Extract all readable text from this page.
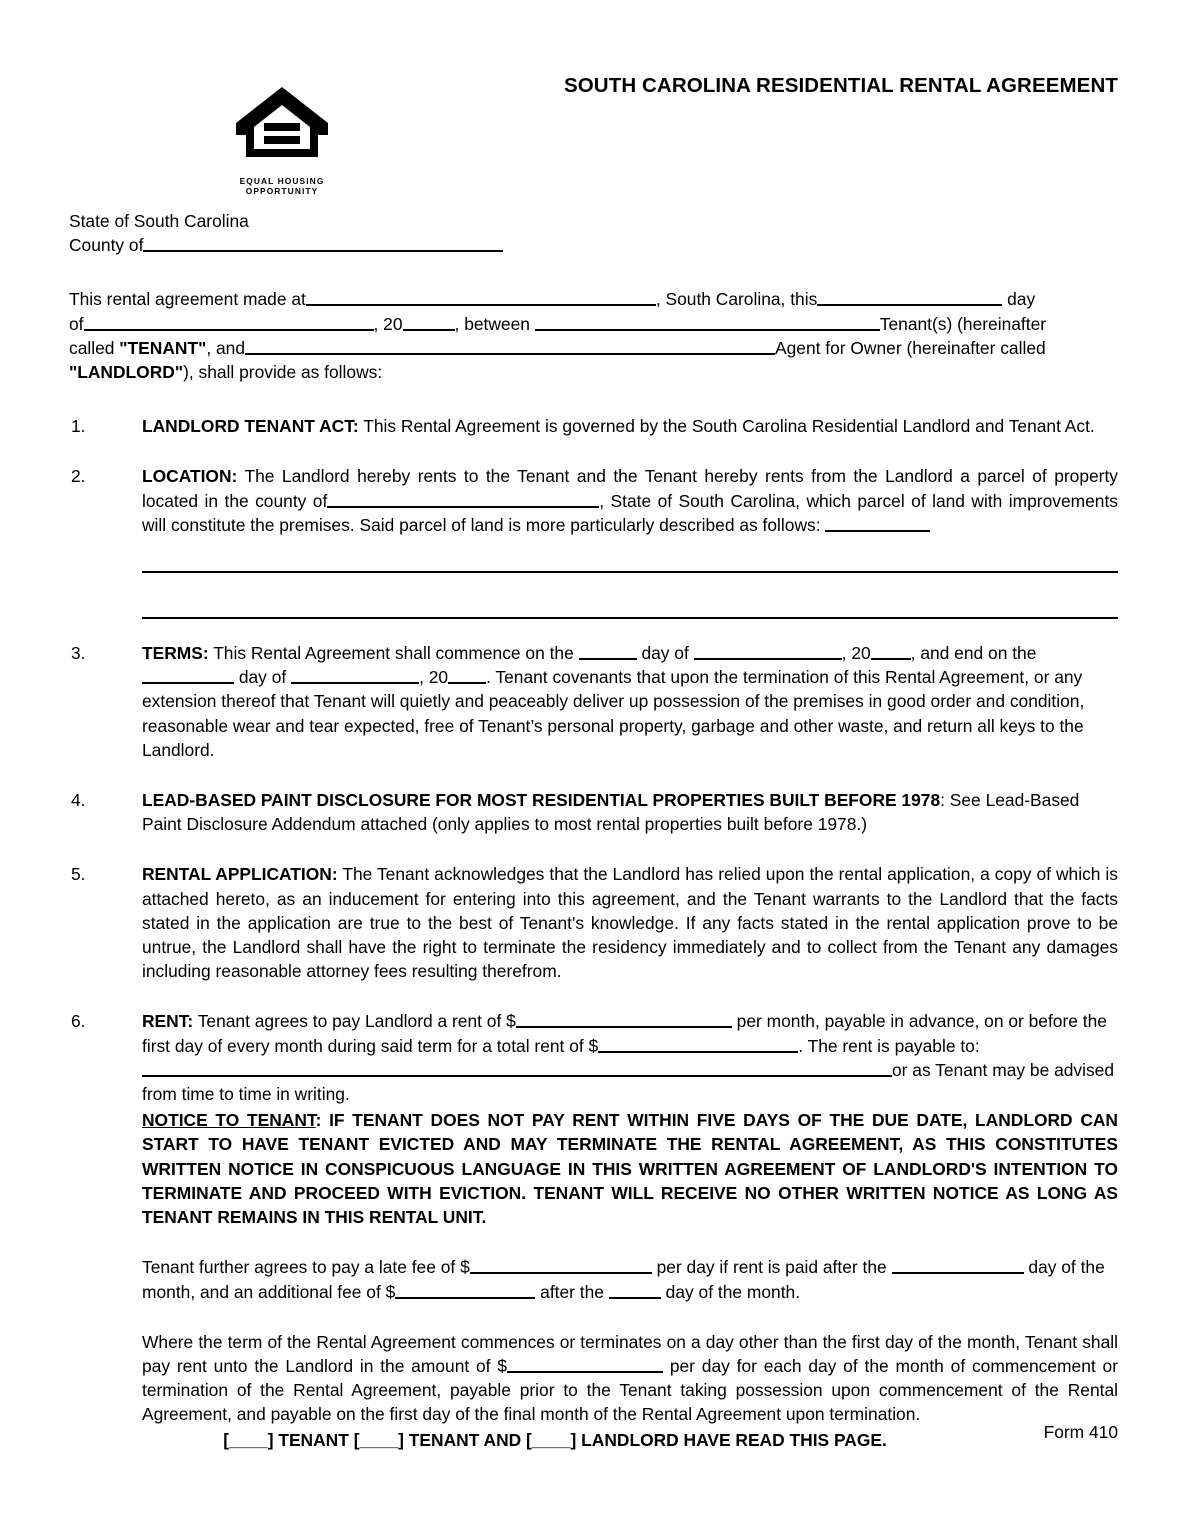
EQUAL HOUSING
OPPORTUNITY
SOUTH CAROLINA RESIDENTIAL RENTAL AGREEMENT
State of South Carolina
County of
This rental agreement made at	, South Carolina, this	day
of	, 20	, between	Tenant(s) (hereinafter
called "TENANT", and	Agent for Owner (hereinafter called
"LANDLORD"), shall provide as follows:
1.	LANDLORD TENANT ACT: This Rental Agreement is governed by the South Carolina Residential Landlord and Tenant Act.
2.	LOCATION: The Landlord hereby rents to the Tenant and the Tenant hereby rents from the Landlord a parcel of property located in the county of	, State of South Carolina, which parcel of land with improvements will constitute the premises. Said parcel of land is more particularly described as follows:
3.	TERMS: This Rental Agreement shall commence on the	day of	, 20 , and end on the  day of	, 20 . Tenant covenants that upon the termination of this Rental Agreement, or any extension thereof that Tenant will quietly and peaceably deliver up possession of the premises in good order and condition, reasonable wear and tear expected, free of Tenant’s personal property, garbage and other waste, and return all keys to the Landlord.
4.	LEAD-BASED PAINT DISCLOSURE FOR MOST RESIDENTIAL PROPERTIES BUILT BEFORE 1978: See Lead-Based Paint Disclosure Addendum attached (only applies to most rental properties built before 1978.)
5.	RENTAL APPLICATION: The Tenant acknowledges that the Landlord has relied upon the rental application, a copy of which is attached hereto, as an inducement for entering into this agreement, and the Tenant warrants to the Landlord that the facts stated in the application are true to the best of Tenant's knowledge. If any facts stated in the rental application prove to be untrue, the Landlord shall have the right to terminate the residency immediately and to collect from the Tenant any damages including reasonable attorney fees resulting therefrom.
6.	RENT: Tenant agrees to pay Landlord a rent of $	per month, payable in advance, on or before the first day of every month during said term for a total rent of $	. The rent is payable to: or as Tenant may be advised from time to time in writing.
NOTICE TO TENANT: IF TENANT DOES NOT PAY RENT WITHIN FIVE DAYS OF THE DUE DATE, LANDLORD CAN START TO HAVE TENANT EVICTED AND MAY TERMINATE THE RENTAL AGREEMENT, AS THIS CONSTITUTES WRITTEN NOTICE IN CONSPICUOUS LANGUAGE IN THIS WRITTEN AGREEMENT OF LANDLORD'S INTENTION TO TERMINATE AND PROCEED WITH EVICTION. TENANT WILL RECEIVE NO OTHER WRITTEN NOTICE AS LONG AS TENANT REMAINS IN THIS RENTAL UNIT.
Tenant further agrees to pay a late fee of $	per day if rent is paid after the	day of the month, and an additional fee of $	after the	day of the month.
Where the term of the Rental Agreement commences or terminates on a day other than the first day of the month, Tenant shall pay rent unto the Landlord in the amount of $	per day for each day of the month of commencement or termination of the Rental Agreement, payable prior to the Tenant taking possession upon commencement of the Rental Agreement, and payable on the first day of the final month of the Rental Agreement upon termination.
[____] TENANT [____] TENANT AND [____] LANDLORD HAVE READ THIS PAGE.	Form 410
